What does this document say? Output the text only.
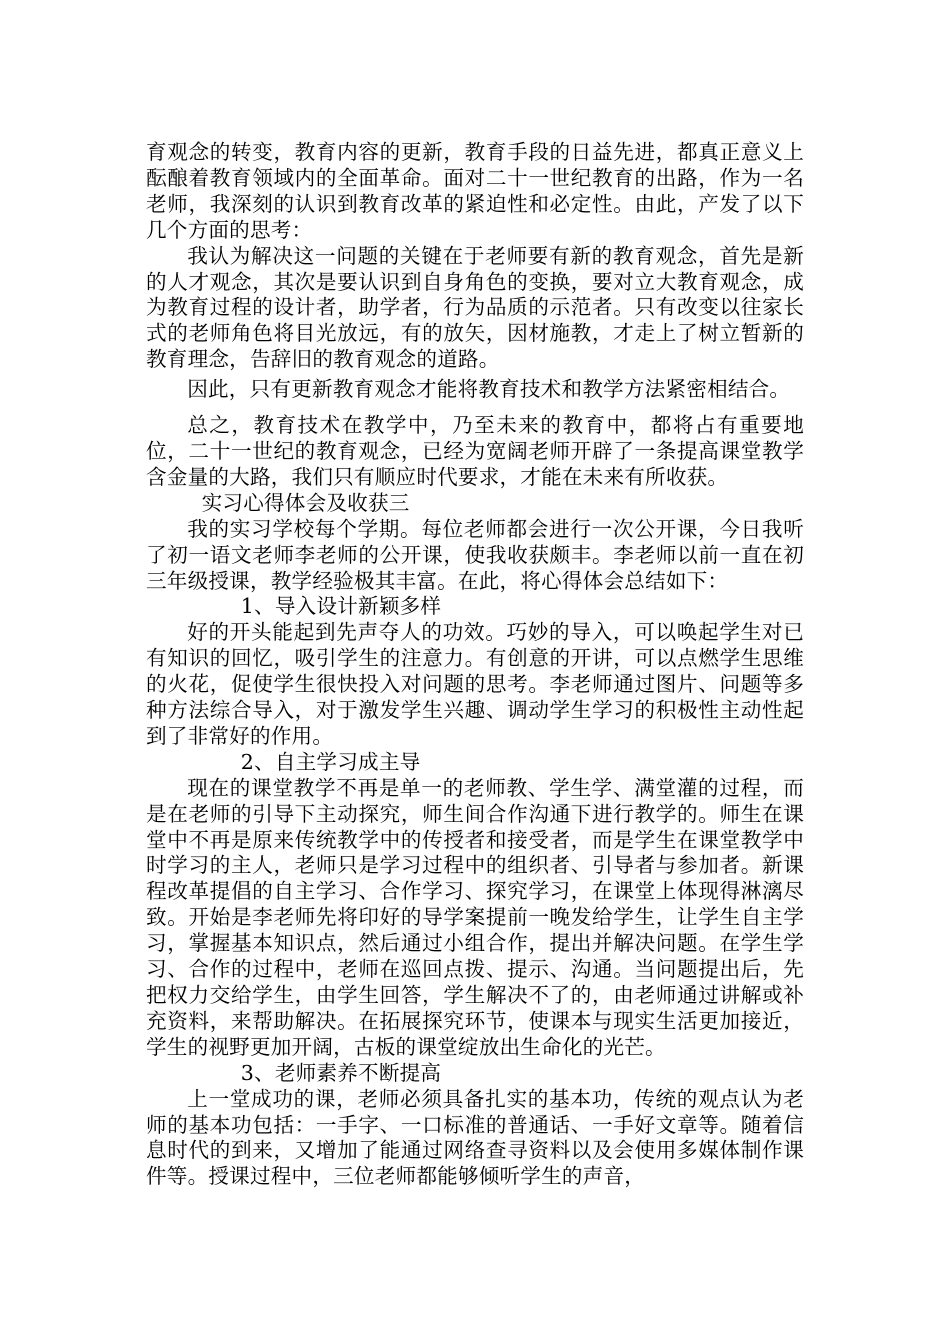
育观念的转变，教育内容的更新，教育手段的日益先进，都真正意义上酝酿着教育领域内的全面革命。面对二十一世纪教育的出路，作为一名老师，我深刻的认识到教育改革的紧迫性和必定性。由此，产发了以下几个方面的思考：

我认为解决这一问题的关键在于老师要有新的教育观念，首先是新的人才观念，其次是要认识到自身角色的变换，要对立大教育观念，成为教育过程的设计者，助学者，行为品质的示范者。只有改变以往家长式的老师角色将目光放远，有的放矢，因材施教，才走上了树立暂新的教育理念，告辞旧的教育观念的道路。

因此，只有更新教育观念才能将教育技术和教学方法紧密相结合。

总之，教育技术在教学中，乃至未来的教育中，都将占有重要地位，二十一世纪的教育观念，已经为宽阔老师开辟了一条提高课堂教学含金量的大路，我们只有顺应时代要求，才能在未来有所收获。

实习心得体会及收获三

我的实习学校每个学期。每位老师都会进行一次公开课，今日我听了初一语文老师李老师的公开课，使我收获颇丰。李老师以前一直在初三年级授课，教学经验极其丰富。在此，将心得体会总结如下：

1、导入设计新颖多样

好的开头能起到先声夺人的功效。巧妙的导入，可以唤起学生对已有知识的回忆，吸引学生的注意力。有创意的开讲，可以点燃学生思维的火花，促使学生很快投入对问题的思考。李老师通过图片、问题等多种方法综合导入，对于激发学生兴趣、调动学生学习的积极性主动性起到了非常好的作用。

2、自主学习成主导

现在的课堂教学不再是单一的老师教、学生学、满堂灌的过程，而是在老师的引导下主动探究，师生间合作沟通下进行教学的。师生在课堂中不再是原来传统教学中的传授者和接受者，而是学生在课堂教学中时学习的主人，老师只是学习过程中的组织者、引导者与参加者。新课程改革提倡的自主学习、合作学习、探究学习，在课堂上体现得淋漓尽致。开始是李老师先将印好的导学案提前一晚发给学生，让学生自主学习，掌握基本知识点，然后通过小组合作，提出并解决问题。在学生学习、合作的过程中，老师在巡回点拨、提示、沟通。当问题提出后，先把权力交给学生，由学生回答，学生解决不了的，由老师通过讲解或补充资料，来帮助解决。在拓展探究环节，使课本与现实生活更加接近，学生的视野更加开阔，古板的课堂绽放出生命化的光芒。

3、老师素养不断提高

上一堂成功的课，老师必须具备扎实的基本功，传统的观点认为老师的基本功包括：一手字、一口标准的普通话、一手好文章等。随着信息时代的到来，又增加了能通过网络查寻资料以及会使用多媒体制作课件等。授课过程中，三位老师都能够倾听学生的声音，
